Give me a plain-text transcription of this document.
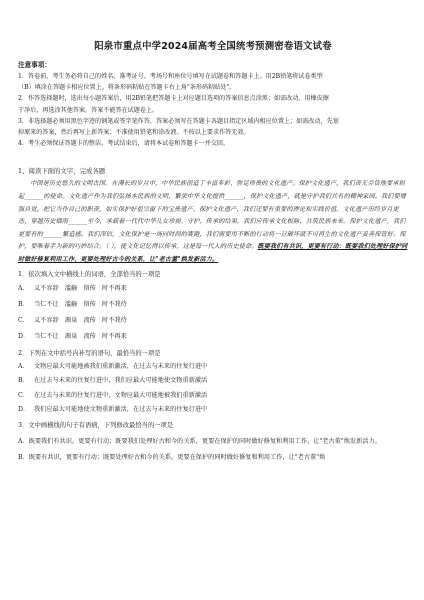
阳泉市重点中学2024届高考全国统考预测密卷语文试卷
注意事项：

1．答卷前，考生务必将自己的姓名、准考证号、考场号和座位号填写在试题卷和答题卡上。用2B铅笔将试卷类型

（B）填涂在答题卡相应位置上。将条形码粘贴在答题卡右上角"条形码粘贴处"。

2．作答选择题时，选出每小题答案后，用2B铅笔把答题卡上对应题目选项的答案信息点涂黑；如需改动，用橡皮擦

干净后，再选涂其他答案。答案不能答在试题卷上。

3．非选择题必须用黑色字迹的钢笔或签字笔作答，答案必须写在答题卡各题目指定区域内相应位置上；如需改动，先划

掉原来的答案，然后再写上新答案；不准使用铅笔和涂改液。不按以上要求作答无效。

4．考生必须保证答题卡的整洁。考试结束后，请将本试卷和答题卡一并交回。

1、阅读下面的文字，完成各题

中国是历史悠久的文明古国。在漫长的岁月中，中华民族创造了丰富多彩、弥足珍贵的文化遗产。保护文化遗产，我们责无旁贷地要承担起______的使命。文化遗产作为我们弘扬本民族的文明，繁荣中华文化提供______，保护文化遗产，就是守护我们共有的精神家园。我们要增强自觉，把它当作自己的职责，如实保护好祖宗留下的宝贵遗产。保护文化遗产，我们还要有重要的理论和实践价值。文化遗产历经岁月更迭，穿越历史烟雨______至今，承载着一代代中华儿女珍视、守护、传承的结果。我们应传承文化根脉，共筑民族未来。保护文化遗产，我们更要有的______繁造感。我们深信，文化保护是一场同时间的赛跑，我们需要用不断的行动将一旦破坏就不可再生的文化遗产妥善保管好。保护，要唯着手为新的巧妙结合。（ ），使文化记忆得以传承。这是每一代人的历史使命。既要我们有共识，更要有行动：既要我们处理好保护同时做好修复利用工作，更要处理好古今的关系，让"老古董"焕发新活力。

1．依次填入文中横线上的词语，全部恰当的一项是

A． 义不容辞　滥觞　留传　时不再来

B． 当仁不让　滥觞　留传　时不我待

C． 义不容辞　源泉　流传　时不我待

D． 当仁不让　源泉　流传　时不再来

2．下列在文中括号内补写的语句，最恰当的一项是

A． 文物应最大可能地被我们重新激活，在过去与未来的往复行进中

B． 在过去与未来的往复行进中，我们应最大可能地使文物重新激活

C． 在过去与未来的往复行进中，文物应最大可能地被我们重新激活

D． 我们应最大可能地使文物重新激活，在过去与未来的往复行进中

3．文中画横线的句子有语病，下列修改最恰当的一项是

A．既要我们有共识，更要有行动；既要我们处理好古和今的关系，更要在保护的同时做好修复和利用工作，让"老古董"焕发新活力。

B．既要有共识，更要有行动；既要处理好古和今的关系，更要在保护的同时做好修复和利用工作，让"老古董"焕
